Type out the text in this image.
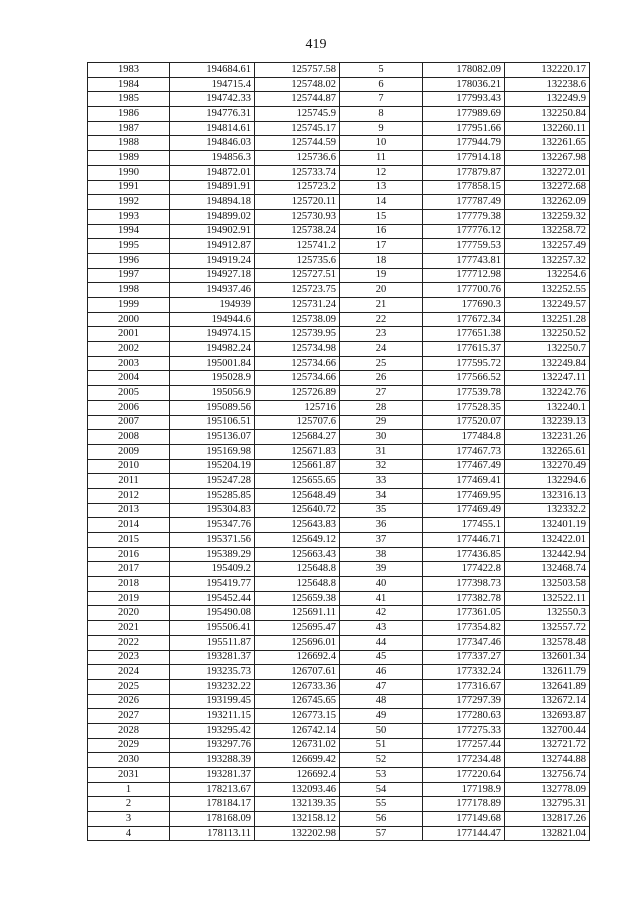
419
1983	194684.61	125757.58	5	178082.09	132220.17
1984	194715.4	125748.02	6	178036.21	132238.6
1985	194742.33	125744.87	7	177993.43	132249.9
1986	194776.31	125745.9	8	177989.69	132250.84
1987	194814.61	125745.17	9	177951.66	132260.11
1988	194846.03	125744.59	10	177944.79	132261.65
1989	194856.3	125736.6	11	177914.18	132267.98
1990	194872.01	125733.74	12	177879.87	132272.01
1991	194891.91	125723.2	13	177858.15	132272.68
1992	194894.18	125720.11	14	177787.49	132262.09
1993	194899.02	125730.93	15	177779.38	132259.32
1994	194902.91	125738.24	16	177776.12	132258.72
1995	194912.87	125741.2	17	177759.53	132257.49
1996	194919.24	125735.6	18	177743.81	132257.32
1997	194927.18	125727.51	19	177712.98	132254.6
1998	194937.46	125723.75	20	177700.76	132252.55
1999	194939	125731.24	21	177690.3	132249.57
2000	194944.6	125738.09	22	177672.34	132251.28
2001	194974.15	125739.95	23	177651.38	132250.52
2002	194982.24	125734.98	24	177615.37	132250.7
2003	195001.84	125734.66	25	177595.72	132249.84
2004	195028.9	125734.66	26	177566.52	132247.11
2005	195056.9	125726.89	27	177539.78	132242.76
2006	195089.56	125716	28	177528.35	132240.1
2007	195106.51	125707.6	29	177520.07	132239.13
2008	195136.07	125684.27	30	177484.8	132231.26
2009	195169.98	125671.83	31	177467.73	132265.61
2010	195204.19	125661.87	32	177467.49	132270.49
2011	195247.28	125655.65	33	177469.41	132294.6
2012	195285.85	125648.49	34	177469.95	132316.13
2013	195304.83	125640.72	35	177469.49	132332.2
2014	195347.76	125643.83	36	177455.1	132401.19
2015	195371.56	125649.12	37	177446.71	132422.01
2016	195389.29	125663.43	38	177436.85	132442.94
2017	195409.2	125648.8	39	177422.8	132468.74
2018	195419.77	125648.8	40	177398.73	132503.58
2019	195452.44	125659.38	41	177382.78	132522.11
2020	195490.08	125691.11	42	177361.05	132550.3
2021	195506.41	125695.47	43	177354.82	132557.72
2022	195511.87	125696.01	44	177347.46	132578.48
2023	193281.37	126692.4	45	177337.27	132601.34
2024	193235.73	126707.61	46	177332.24	132611.79
2025	193232.22	126733.36	47	177316.67	132641.89
2026	193199.45	126745.65	48	177297.39	132672.14
2027	193211.15	126773.15	49	177280.63	132693.87
2028	193295.42	126742.14	50	177275.33	132700.44
2029	193297.76	126731.02	51	177257.44	132721.72
2030	193288.39	126699.42	52	177234.48	132744.88
2031	193281.37	126692.4	53	177220.64	132756.74
1	178213.67	132093.46	54	177198.9	132778.09
2	178184.17	132139.35	55	177178.89	132795.31
3	178168.09	132158.12	56	177149.68	132817.26
4	178113.11	132202.98	57	177144.47	132821.04
